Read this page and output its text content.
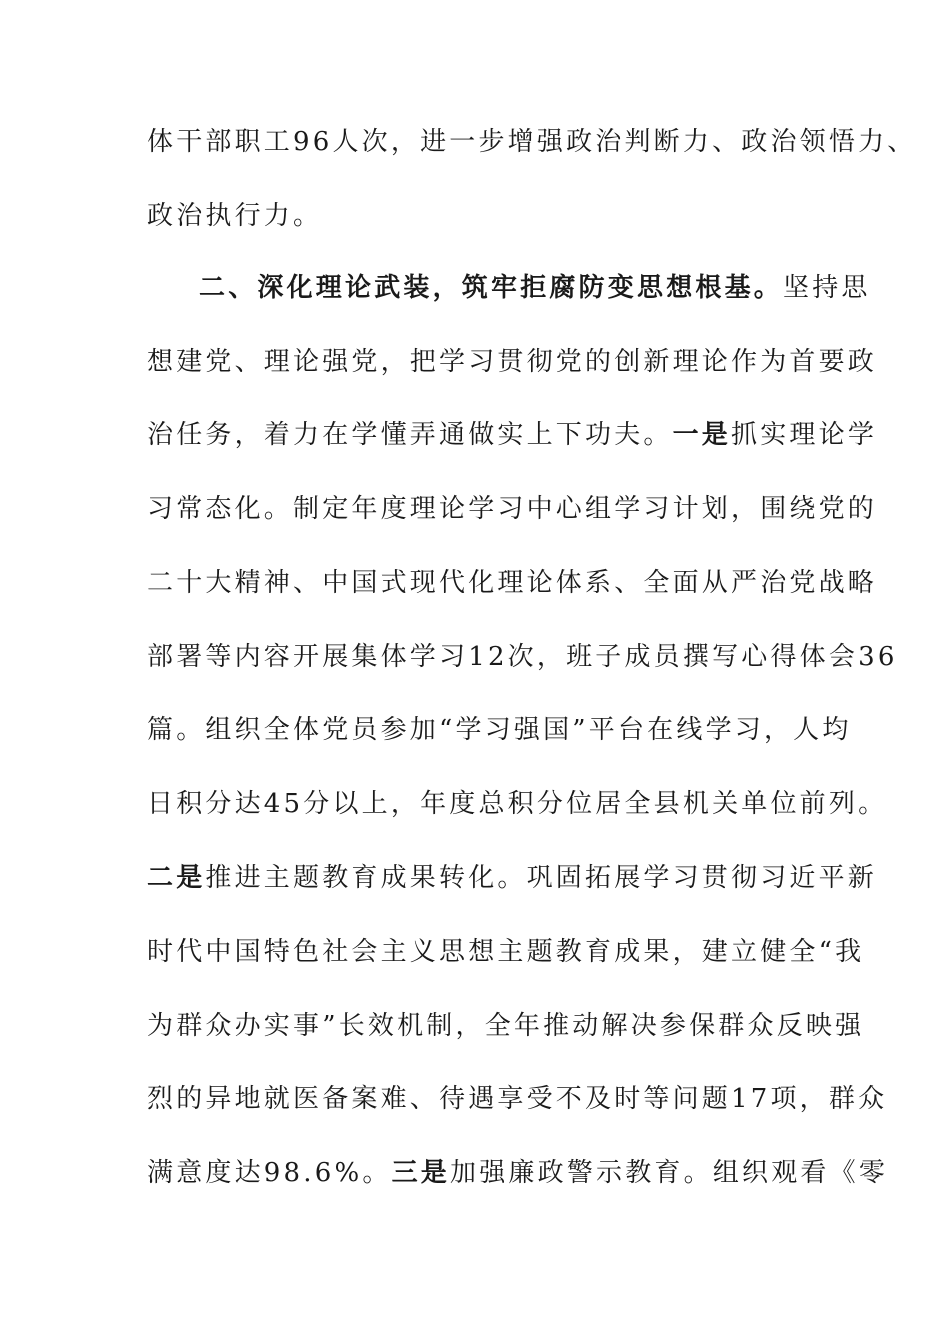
体干部职工96人次，进一步增强政治判断力、政治领悟力、
政治执行力。
二、深化理论武装，筑牢拒腐防变思想根基。坚持思
想建党、理论强党，把学习贯彻党的创新理论作为首要政
治任务，着力在学懂弄通做实上下功夫。一是抓实理论学
习常态化。制定年度理论学习中心组学习计划，围绕党的
二十大精神、中国式现代化理论体系、全面从严治党战略
部署等内容开展集体学习12次，班子成员撰写心得体会36
篇。组织全体党员参加“学习强国”平台在线学习，人均
日积分达45分以上，年度总积分位居全县机关单位前列。
二是推进主题教育成果转化。巩固拓展学习贯彻习近平新
时代中国特色社会主义思想主题教育成果，建立健全“我
为群众办实事”长效机制，全年推动解决参保群众反映强
烈的异地就医备案难、待遇享受不及时等问题17项，群众
满意度达98.6%。三是加强廉政警示教育。组织观看《零
